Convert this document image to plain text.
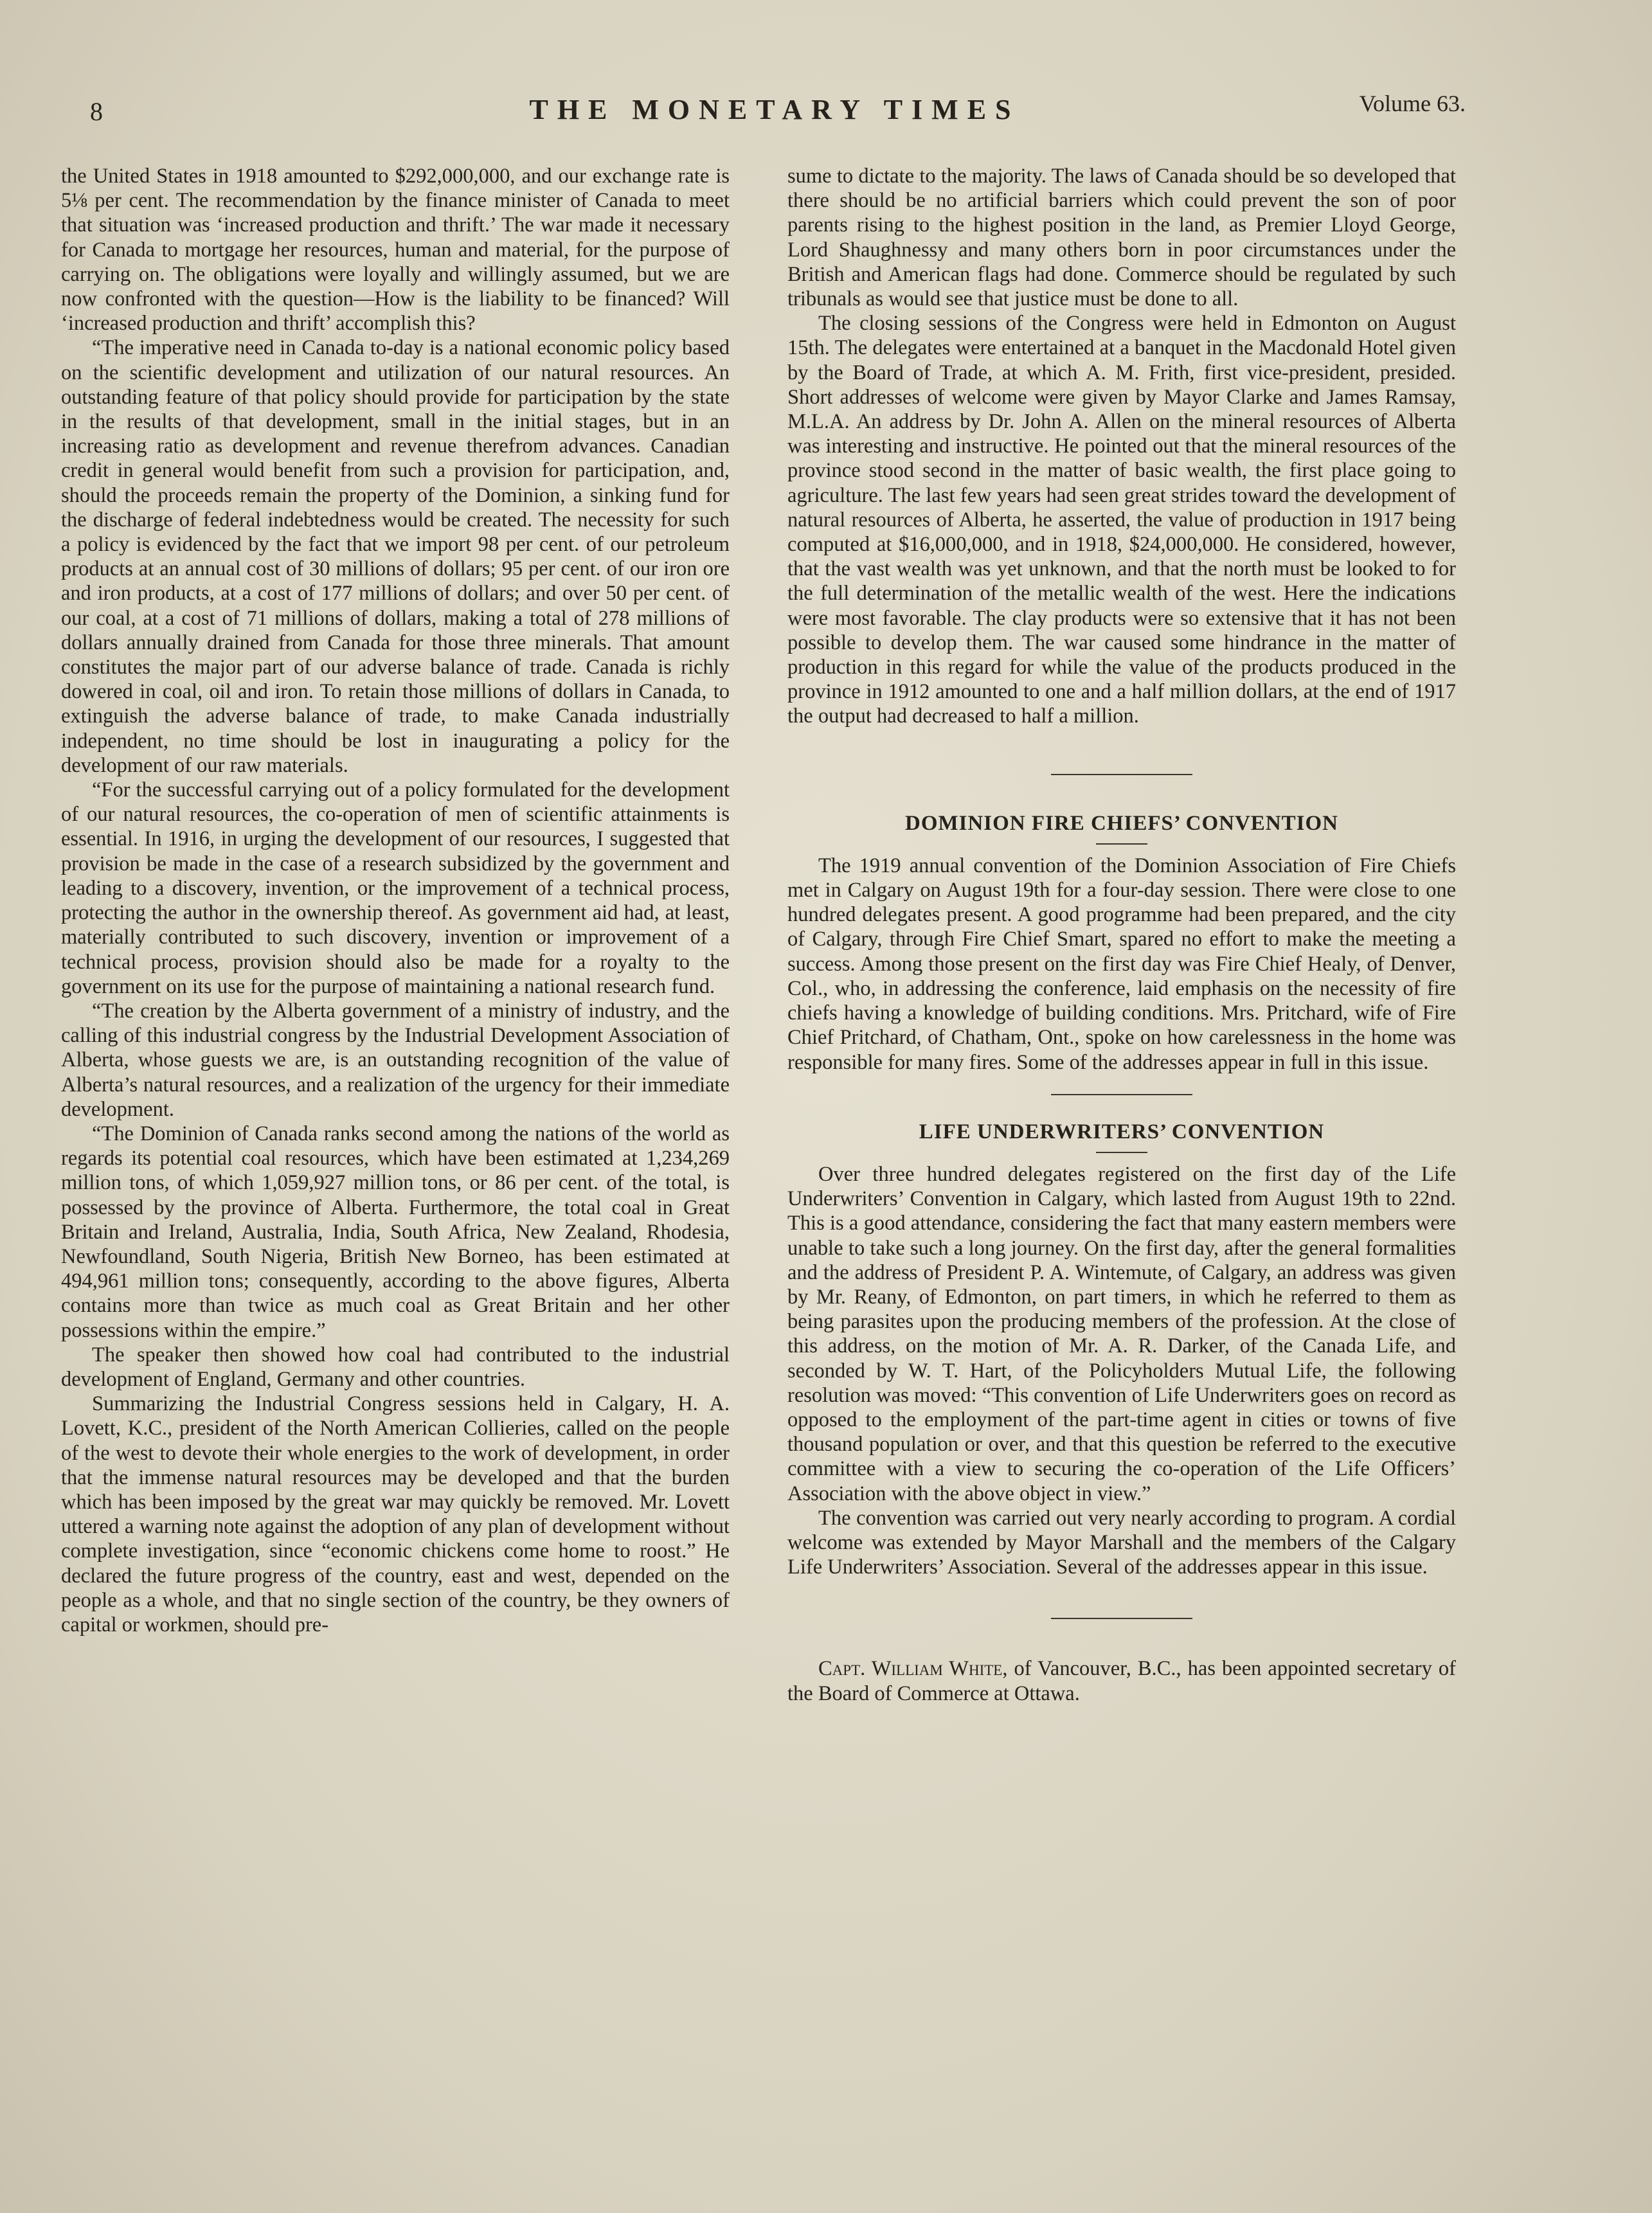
8	THE MONETARY TIMES	Volume 63.

the United States in 1918 amounted to $292,000,000, and our exchange rate is 5⅛ per cent. The recommendation by the finance minister of Canada to meet that situation was ‘increased production and thrift.’ The war made it necessary for Canada to mortgage her resources, human and material, for the purpose of carrying on. The obligations were loyally and willingly assumed, but we are now confronted with the question—How is the liability to be financed? Will ‘increased production and thrift’ accomplish this?

“The imperative need in Canada to-day is a national economic policy based on the scientific development and utilization of our natural resources. An outstanding feature of that policy should provide for participation by the state in the results of that development, small in the initial stages, but in an increasing ratio as development and revenue therefrom advances. Canadian credit in general would benefit from such a provision for participation, and, should the proceeds remain the property of the Dominion, a sinking fund for the discharge of federal indebtedness would be created. The necessity for such a policy is evidenced by the fact that we import 98 per cent. of our petroleum products at an annual cost of 30 millions of dollars; 95 per cent. of our iron ore and iron products, at a cost of 177 millions of dollars; and over 50 per cent. of our coal, at a cost of 71 millions of dollars, making a total of 278 millions of dollars annually drained from Canada for those three minerals. That amount constitutes the major part of our adverse balance of trade. Canada is richly dowered in coal, oil and iron. To retain those millions of dollars in Canada, to extinguish the adverse balance of trade, to make Canada industrially independent, no time should be lost in inaugurating a policy for the development of our raw materials.

“For the successful carrying out of a policy formulated for the development of our natural resources, the co-operation of men of scientific attainments is essential. In 1916, in urging the development of our resources, I suggested that provision be made in the case of a research subsidized by the government and leading to a discovery, invention, or the improvement of a technical process, protecting the author in the ownership thereof. As government aid had, at least, materially contributed to such discovery, invention or improvement of a technical process, provision should also be made for a royalty to the government on its use for the purpose of maintaining a national research fund.

“The creation by the Alberta government of a ministry of industry, and the calling of this industrial congress by the Industrial Development Association of Alberta, whose guests we are, is an outstanding recognition of the value of Alberta’s natural resources, and a realization of the urgency for their immediate development.

“The Dominion of Canada ranks second among the nations of the world as regards its potential coal resources, which have been estimated at 1,234,269 million tons, of which 1,059,927 million tons, or 86 per cent. of the total, is possessed by the province of Alberta. Furthermore, the total coal in Great Britain and Ireland, Australia, India, South Africa, New Zealand, Rhodesia, Newfoundland, South Nigeria, British New Borneo, has been estimated at 494,961 million tons; consequently, according to the above figures, Alberta contains more than twice as much coal as Great Britain and her other possessions within the empire.”

The speaker then showed how coal had contributed to the industrial development of England, Germany and other countries.

Summarizing the Industrial Congress sessions held in Calgary, H. A. Lovett, K.C., president of the North American Collieries, called on the people of the west to devote their whole energies to the work of development, in order that the immense natural resources may be developed and that the burden which has been imposed by the great war may quickly be removed. Mr. Lovett uttered a warning note against the adoption of any plan of development without complete investigation, since “economic chickens come home to roost.” He declared the future progress of the country, east and west, depended on the people as a whole, and that no single section of the country, be they owners of capital or workmen, should pre-

sume to dictate to the majority. The laws of Canada should be so developed that there should be no artificial barriers which could prevent the son of poor parents rising to the highest position in the land, as Premier Lloyd George, Lord Shaughnessy and many others born in poor circumstances under the British and American flags had done. Commerce should be regulated by such tribunals as would see that justice must be done to all.

The closing sessions of the Congress were held in Edmonton on August 15th. The delegates were entertained at a banquet in the Macdonald Hotel given by the Board of Trade, at which A. M. Frith, first vice-president, presided. Short addresses of welcome were given by Mayor Clarke and James Ramsay, M.L.A. An address by Dr. John A. Allen on the mineral resources of Alberta was interesting and instructive. He pointed out that the mineral resources of the province stood second in the matter of basic wealth, the first place going to agriculture. The last few years had seen great strides toward the development of natural resources of Alberta, he asserted, the value of production in 1917 being computed at $16,000,000, and in 1918, $24,000,000. He considered, however, that the vast wealth was yet unknown, and that the north must be looked to for the full determination of the metallic wealth of the west. Here the indications were most favorable. The clay products were so extensive that it has not been possible to develop them. The war caused some hindrance in the matter of production in this regard for while the value of the products produced in the province in 1912 amounted to one and a half million dollars, at the end of 1917 the output had decreased to half a million.

DOMINION FIRE CHIEFS’ CONVENTION

The 1919 annual convention of the Dominion Association of Fire Chiefs met in Calgary on August 19th for a four-day session. There were close to one hundred delegates present. A good programme had been prepared, and the city of Calgary, through Fire Chief Smart, spared no effort to make the meeting a success. Among those present on the first day was Fire Chief Healy, of Denver, Col., who, in addressing the conference, laid emphasis on the necessity of fire chiefs having a knowledge of building conditions. Mrs. Pritchard, wife of Fire Chief Pritchard, of Chatham, Ont., spoke on how carelessness in the home was responsible for many fires. Some of the addresses appear in full in this issue.

LIFE UNDERWRITERS’ CONVENTION

Over three hundred delegates registered on the first day of the Life Underwriters’ Convention in Calgary, which lasted from August 19th to 22nd. This is a good attendance, considering the fact that many eastern members were unable to take such a long journey. On the first day, after the general formalities and the address of President P. A. Wintemute, of Calgary, an address was given by Mr. Reany, of Edmonton, on part timers, in which he referred to them as being parasites upon the producing members of the profession. At the close of this address, on the motion of Mr. A. R. Darker, of the Canada Life, and seconded by W. T. Hart, of the Policyholders Mutual Life, the following resolution was moved: “This convention of Life Underwriters goes on record as opposed to the employment of the part-time agent in cities or towns of five thousand population or over, and that this question be referred to the executive committee with a view to securing the co-operation of the Life Officers’ Association with the above object in view.”

The convention was carried out very nearly according to program. A cordial welcome was extended by Mayor Marshall and the members of the Calgary Life Underwriters’ Association. Several of the addresses appear in this issue.

Capt. William White, of Vancouver, B.C., has been appointed secretary of the Board of Commerce at Ottawa.
